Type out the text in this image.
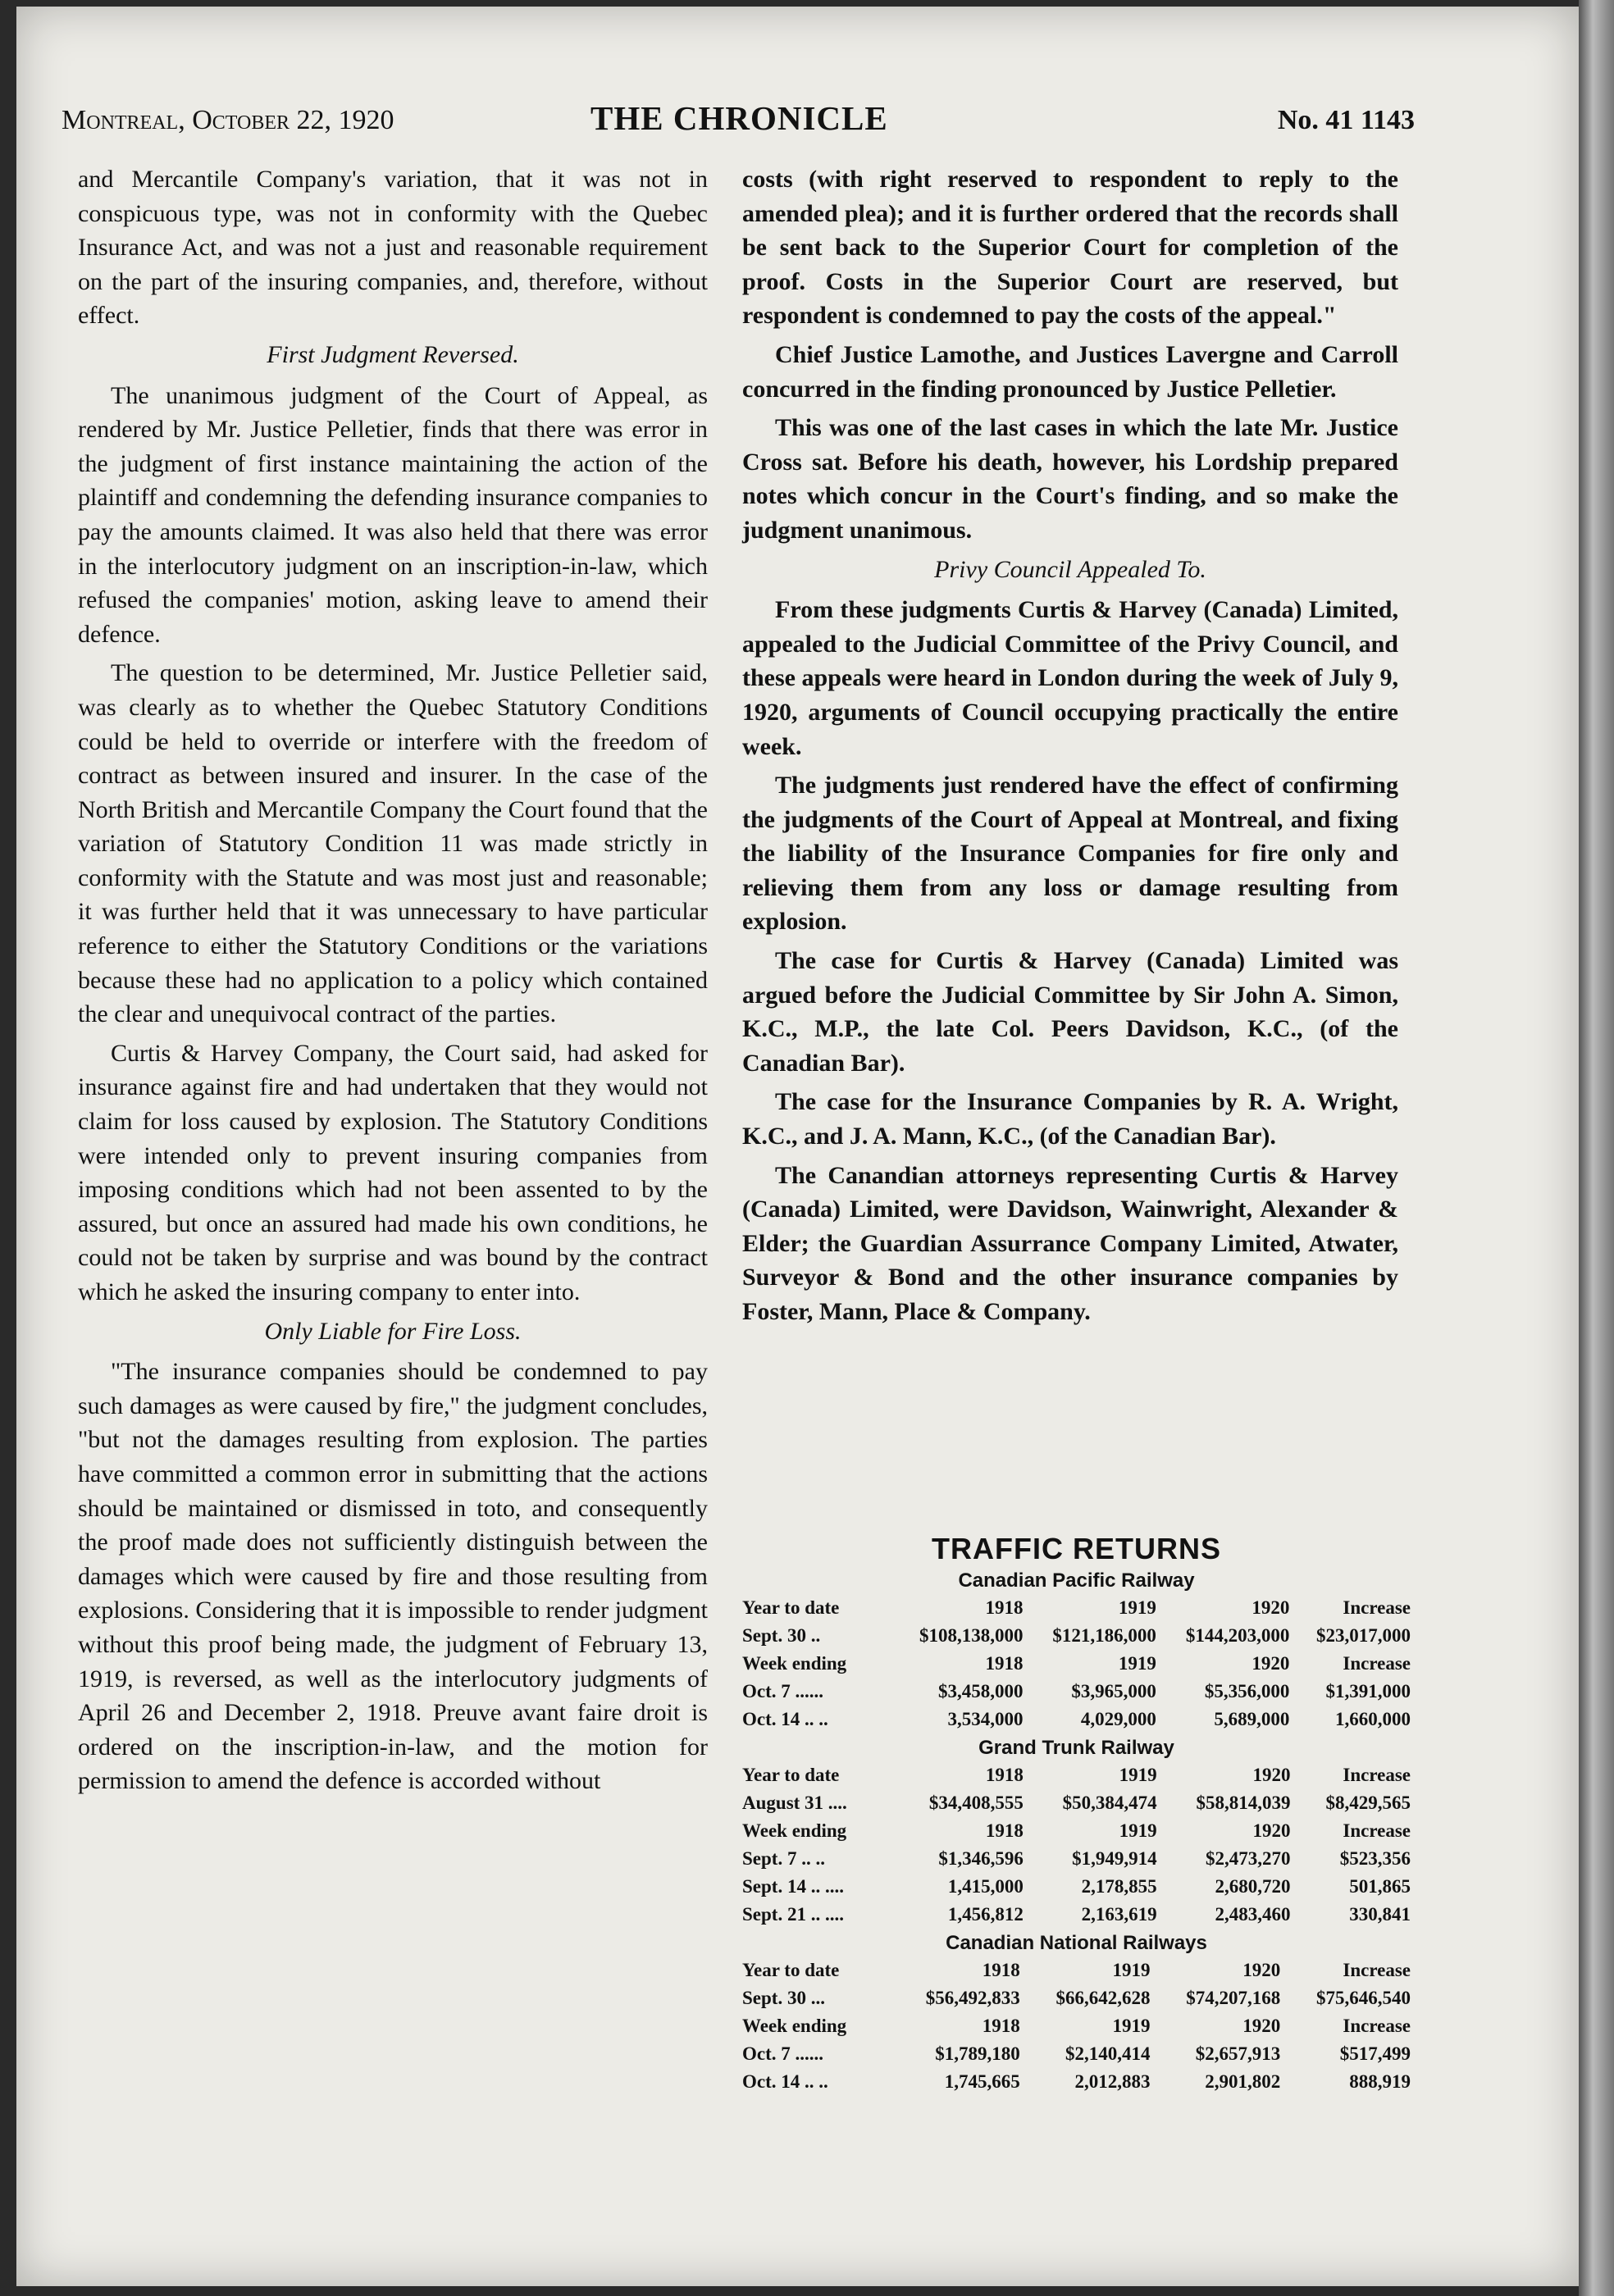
Montreal, October 22, 1920	THE CHRONICLE	No. 41 1143

and Mercantile Company's variation, that it was not in conspicuous type, was not in conformity with the Quebec Insurance Act, and was not a just and reasonable requirement on the part of the insuring companies, and, therefore, without effect.

First Judgment Reversed.

The unanimous judgment of the Court of Appeal, as rendered by Mr. Justice Pelletier, finds that there was error in the judgment of first instance maintaining the action of the plaintiff and condemning the defending insurance companies to pay the amounts claimed. It was also held that there was error in the interlocutory judgment on an inscription-in-law, which refused the companies' motion, asking leave to amend their defence.

The question to be determined, Mr. Justice Pelletier said, was clearly as to whether the Quebec Statutory Conditions could be held to override or interfere with the freedom of contract as between insured and insurer. In the case of the North British and Mercantile Company the Court found that the variation of Statutory Condition 11 was made strictly in conformity with the Statute and was most just and reasonable; it was further held that it was unnecessary to have particular reference to either the Statutory Conditions or the variations because these had no application to a policy which contained the clear and unequivocal contract of the parties.

Curtis & Harvey Company, the Court said, had asked for insurance against fire and had undertaken that they would not claim for loss caused by explosion. The Statutory Conditions were intended only to prevent insuring companies from imposing conditions which had not been assented to by the assured, but once an assured had made his own conditions, he could not be taken by surprise and was bound by the contract which he asked the insuring company to enter into.

Only Liable for Fire Loss.

"The insurance companies should be condemned to pay such damages as were caused by fire," the judgment concludes, "but not the damages resulting from explosion. The parties have committed a common error in submitting that the actions should be maintained or dismissed in toto, and consequently the proof made does not sufficiently distinguish between the damages which were caused by fire and those resulting from explosions. Considering that it is impossible to render judgment without this proof being made, the judgment of February 13, 1919, is reversed, as well as the interlocutory judgments of April 26 and December 2, 1918. Preuve avant faire droit is ordered on the inscription-in-law, and the motion for permission to amend the defence is accorded without

costs (with right reserved to respondent to reply to the amended plea); and it is further ordered that the records shall be sent back to the Superior Court for completion of the proof. Costs in the Superior Court are reserved, but respondent is condemned to pay the costs of the appeal."

Chief Justice Lamothe, and Justices Lavergne and Carroll concurred in the finding pronounced by Justice Pelletier.

This was one of the last cases in which the late Mr. Justice Cross sat. Before his death, however, his Lordship prepared notes which concur in the Court's finding, and so make the judgment unanimous.

Privy Council Appealed To.

From these judgments Curtis & Harvey (Canada) Limited, appealed to the Judicial Committee of the Privy Council, and these appeals were heard in London during the week of July 9, 1920, arguments of Council occupying practically the entire week.

The judgments just rendered have the effect of confirming the judgments of the Court of Appeal at Montreal, and fixing the liability of the Insurance Companies for fire only and relieving them from any loss or damage resulting from explosion.

The case for Curtis & Harvey (Canada) Limited was argued before the Judicial Committee by Sir John A. Simon, K.C., M.P., the late Col. Peers Davidson, K.C., (of the Canadian Bar).

The case for the Insurance Companies by R. A. Wright, K.C., and J. A. Mann, K.C., (of the Canadian Bar).

The Canandian attorneys representing Curtis & Harvey (Canada) Limited, were Davidson, Wainwright, Alexander & Elder; the Guardian Assurrance Company Limited, Atwater, Surveyor & Bond and the other insurance companies by Foster, Mann, Place & Company.

TRAFFIC RETURNS
Canadian Pacific Railway
Year to date	1918	1919	1920	Increase
Sept. 30 ..	$108,138,000	$121,186,000	$144,203,000	$23,017,000
Week ending	1918	1919	1920	Increase
Oct. 7 ......	$3,458,000	$3,965,000	$5,356,000	$1,391,000
Oct. 14 .. ..	3,534,000	4,029,000	5,689,000	1,660,000
Grand Trunk Railway
Year to date	1918	1919	1920	Increase
August 31 ....	$34,408,555	$50,384,474	$58,814,039	$8,429,565
Week ending	1918	1919	1920	Increase
Sept. 7 .. ..	$1,346,596	$1,949,914	$2,473,270	$523,356
Sept. 14 .. ....	1,415,000	2,178,855	2,680,720	501,865
Sept. 21 .. ....	1,456,812	2,163,619	2,483,460	330,841
Canadian National Railways
Year to date	1918	1919	1920	Increase
Sept. 30 ...	$56,492,833	$66,642,628	$74,207,168	$75,646,540
Week ending	1918	1919	1920	Increase
Oct. 7 ......	$1,789,180	$2,140,414	$2,657,913	$517,499
Oct. 14 .. ..	1,745,665	2,012,883	2,901,802	888,919
